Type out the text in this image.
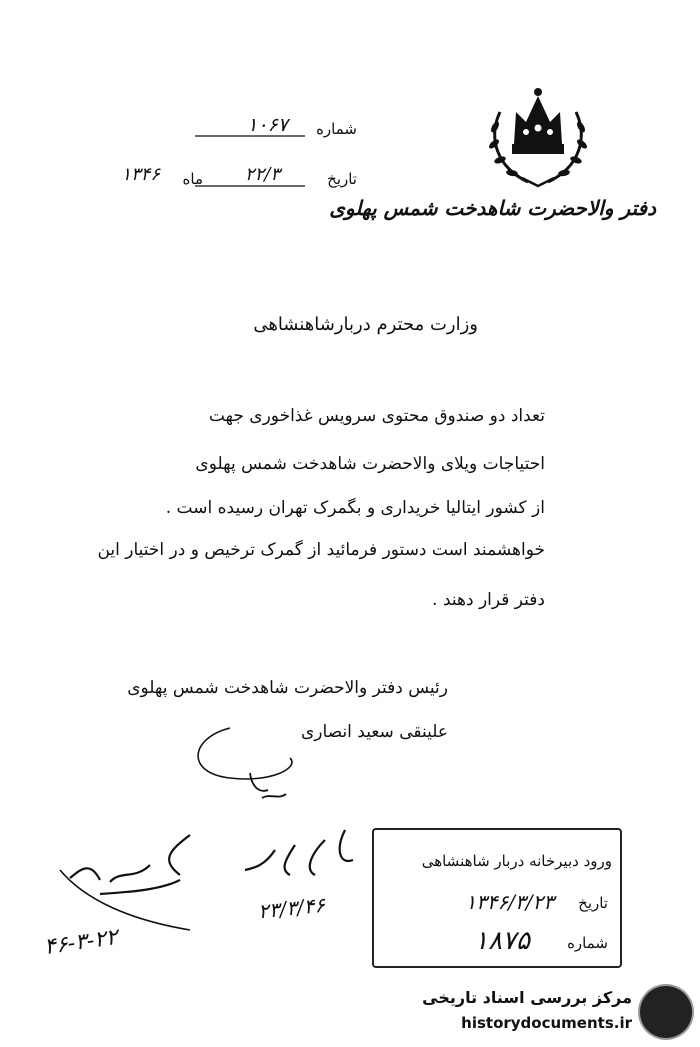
دفتر والاحضرت شاهدخت شمس پهلوی
شماره
۱۰۶۷
تاریخ
۲۲/۳
ماه
۱۳۴۶
وزارت محترم دربارشاهنشاهی
تعداد دو صندوق محتوی سرویس غذاخوری جهت
احتیاجات ویلای والاحضرت شاهدخت شمس پهلوی
از کشور ایتالیا خریداری و بگمرک تهران رسیده است .
خواهشمند است دستور فرمائید از گمرک ترخیص و در اختیار این
دفتر قرار دهند .
رئیس دفتر والاحضرت شاهدخت شمس پهلوی
علینقی سعید انصاری
۴۶-۳-۲۲
۲۳/۳/۴۶
ورود دبیرخانه دربار شاهنشاهی
تاریخ
۱۳۴۶/۳/۲۳
شماره
۱۸۷۵
مرکز بررسی اسناد تاریخی
historydocuments.ir
